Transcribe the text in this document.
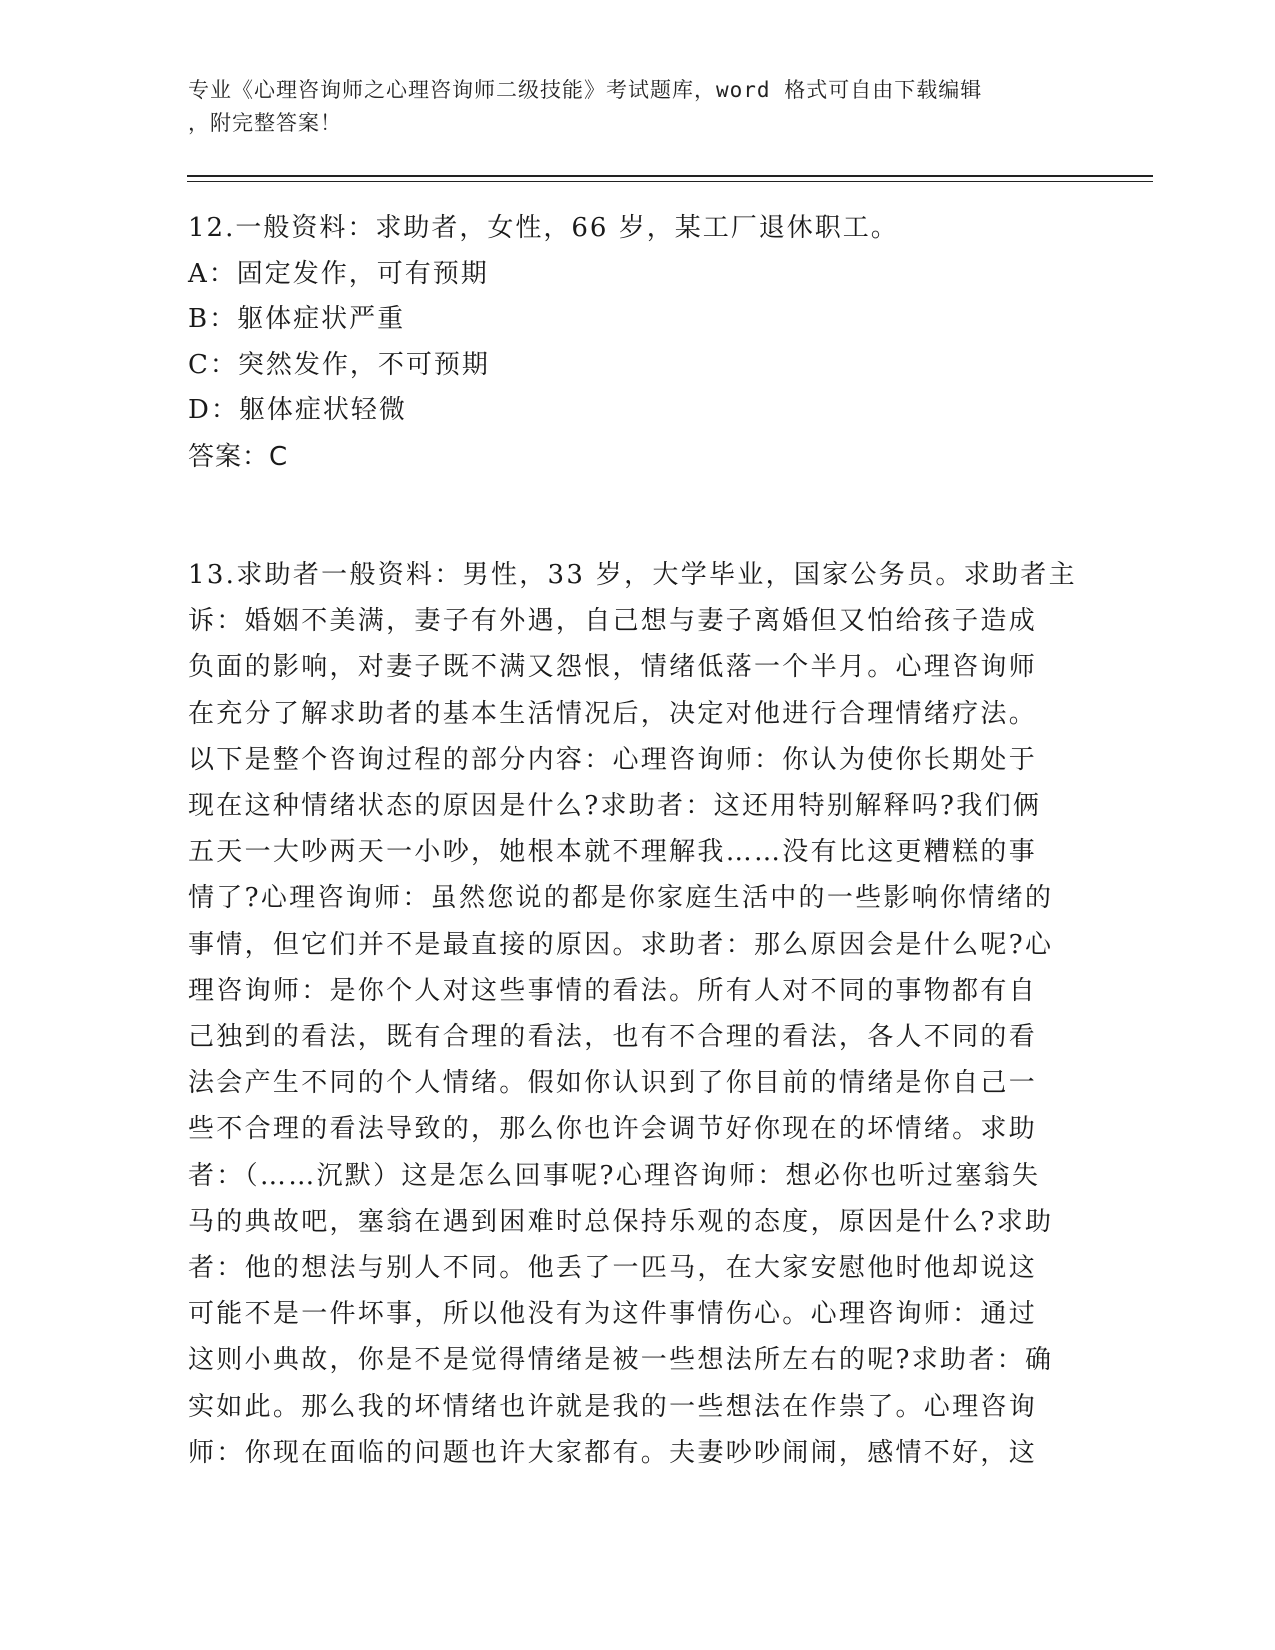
专业《心理咨询师之心理咨询师二级技能》考试题库，word 格式可自由下载编辑
，附完整答案！
12.一般资料：求助者，女性，66 岁，某工厂退休职工。
A：固定发作，可有预期
B：躯体症状严重
C：突然发作，不可预期
D：躯体症状轻微
答案：C
13.求助者一般资料：男性，33 岁，大学毕业，国家公务员。求助者主
诉：婚姻不美满，妻子有外遇，自己想与妻子离婚但又怕给孩子造成
负面的影响，对妻子既不满又怨恨，情绪低落一个半月。心理咨询师
在充分了解求助者的基本生活情况后，决定对他进行合理情绪疗法。
以下是整个咨询过程的部分内容：心理咨询师：你认为使你长期处于
现在这种情绪状态的原因是什么?求助者：这还用特别解释吗?我们俩
五天一大吵两天一小吵，她根本就不理解我……没有比这更糟糕的事
情了?心理咨询师：虽然您说的都是你家庭生活中的一些影响你情绪的
事情，但它们并不是最直接的原因。求助者：那么原因会是什么呢?心
理咨询师：是你个人对这些事情的看法。所有人对不同的事物都有自
己独到的看法，既有合理的看法，也有不合理的看法，各人不同的看
法会产生不同的个人情绪。假如你认识到了你目前的情绪是你自己一
些不合理的看法导致的，那么你也许会调节好你现在的坏情绪。求助
者：（……沉默）这是怎么回事呢?心理咨询师：想必你也听过塞翁失
马的典故吧，塞翁在遇到困难时总保持乐观的态度，原因是什么?求助
者：他的想法与别人不同。他丢了一匹马，在大家安慰他时他却说这
可能不是一件坏事，所以他没有为这件事情伤心。心理咨询师：通过
这则小典故，你是不是觉得情绪是被一些想法所左右的呢?求助者：确
实如此。那么我的坏情绪也许就是我的一些想法在作祟了。心理咨询
师：你现在面临的问题也许大家都有。夫妻吵吵闹闹，感情不好，这
